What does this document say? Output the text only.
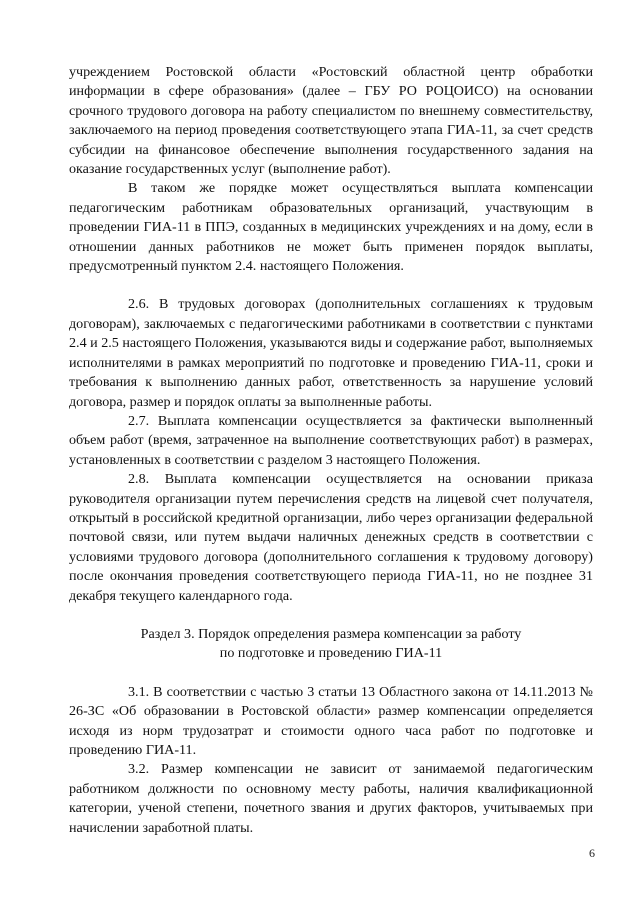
учреждением Ростовской области «Ростовский областной центр обработки информации в сфере образования» (далее – ГБУ РО РОЦОИСО) на основании срочного трудового договора на работу специалистом по внешнему совместительству, заключаемого на период проведения соответствующего этапа ГИА-11, за счет средств субсидии на финансовое обеспечение выполнения государственного задания на оказание государственных услуг (выполнение работ).

В таком же порядке может осуществляться выплата компенсации педагогическим работникам образовательных организаций, участвующим в проведении ГИА-11 в ППЭ, созданных в медицинских учреждениях и на дому, если в отношении данных работников не может быть применен порядок выплаты, предусмотренный пунктом 2.4. настоящего Положения.

2.6. В трудовых договорах (дополнительных соглашениях к трудовым договорам), заключаемых с педагогическими работниками в соответствии с пунктами 2.4 и 2.5 настоящего Положения, указываются виды и содержание работ, выполняемых исполнителями в рамках мероприятий по подготовке и проведению ГИА-11, сроки и требования к выполнению данных работ, ответственность за нарушение условий договора, размер и порядок оплаты за выполненные работы.

2.7. Выплата компенсации осуществляется за фактически выполненный объем работ (время, затраченное на выполнение соответствующих работ) в размерах, установленных в соответствии с разделом 3 настоящего Положения.

2.8. Выплата компенсации осуществляется на основании приказа руководителя организации путем перечисления средств на лицевой счет получателя, открытый в российской кредитной организации, либо через организации федеральной почтовой связи, или путем выдачи наличных денежных средств в соответствии с условиями трудового договора (дополнительного соглашения к трудовому договору) после окончания проведения соответствующего периода ГИА-11, но не позднее 31 декабря текущего календарного года.

Раздел 3. Порядок определения размера компенсации за работу

по подготовке и проведению ГИА-11

3.1. В соответствии с частью 3 статьи 13 Областного закона от 14.11.2013 № 26-ЗС «Об образовании в Ростовской области» размер компенсации определяется исходя из норм трудозатрат и стоимости одного часа работ по подготовке и проведению ГИА-11.

3.2. Размер компенсации не зависит от занимаемой педагогическим работником должности по основному месту работы, наличия квалификационной категории, ученой степени, почетного звания и других факторов, учитываемых при начислении заработной платы.

6
